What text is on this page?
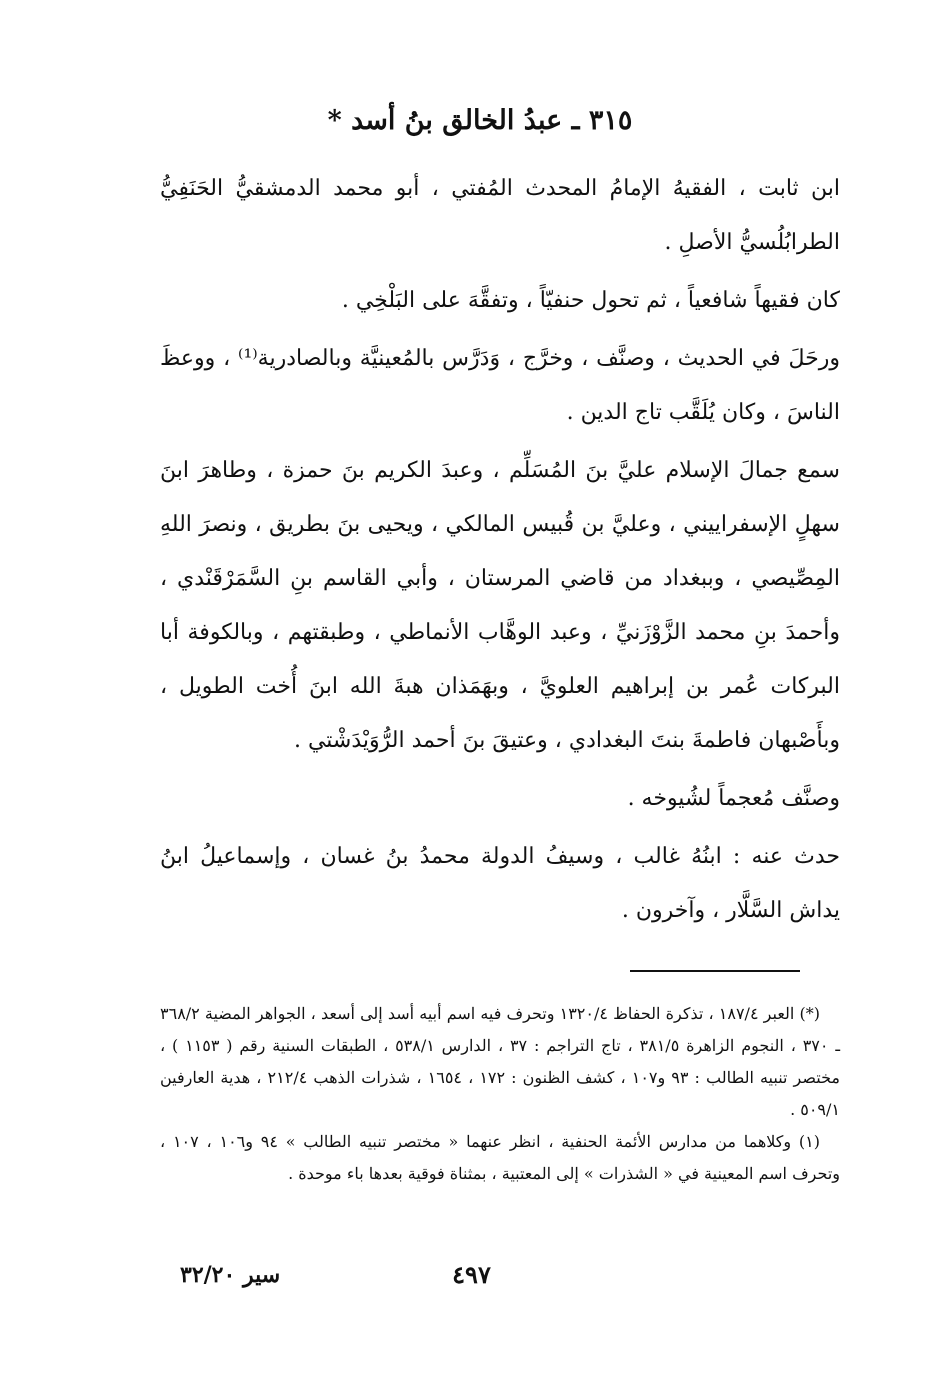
٣١٥ ـ عبدُ الخالق بنُ أسد *

ابن ثابت ، الفقيهُ الإمامُ المحدث المُفتي ، أبو محمد الدمشقيُّ الحَنَفِيُّ الطرابُلُسيُّ الأصلِ .

كان فقيهاً شافعياً ، ثم تحول حنفيّاً ، وتفقَّهَ على البَلْخِي .

ورحَلَ في الحديث ، وصنَّف ، وخرَّج ، وَدَرَّس بالمُعينيَّة وبالصادرية⁽¹⁾ ، ووعظَ الناسَ ، وكان يُلَقَّب تاج الدين .

سمع جمالَ الإسلام عليَّ بنَ المُسَلِّم ، وعبدَ الكريم بنَ حمزة ، وطاهرَ ابنَ سهلٍ الإسفراييني ، وعليَّ بن قُبيس المالكي ، ويحيى بنَ بطريق ، ونصرَ اللهِ المِصِّيصي ، وببغداد من قاضي المرستان ، وأبي القاسم بنِ السَّمَرْقَنْدي ، وأحمدَ بنِ محمد الزَّوْزَنيِّ ، وعبد الوهَّاب الأنماطي ، وطبقتهم ، وبالكوفة أبا البركات عُمر بن إبراهيم العلويَّ ، وبهَمَذان هبةَ الله ابنَ أُخت الطويل ، وبأَصْبهان فاطمةَ بنتَ البغدادي ، وعتيقَ بنَ أحمد الرُّوَيْدَشْتي .

وصنَّف مُعجماً لشُيوخه .

حدث عنه : ابنُهُ غالب ، وسيفُ الدولة محمدُ بنُ غسان ، وإسماعيلُ ابنُ يداش السَّلَّار ، وآخرون .

(*) العبر ١٨٧/٤ ، تذكرة الحفاظ ١٣٢٠/٤ وتحرف فيه اسم أبيه أسد إلى أسعد ، الجواهر المضية ٣٦٨/٢ ـ ٣٧٠ ، النجوم الزاهرة ٣٨١/٥ ، تاج التراجم : ٣٧ ، الدارس ٥٣٨/١ ، الطبقات السنية رقم ( ١١٥٣ ) ، مختصر تنبيه الطالب : ٩٣ و١٠٧ ، كشف الظنون : ١٧٢ ، ١٦٥٤ ، شذرات الذهب ٢١٢/٤ ، هدية العارفين ٥٠٩/١ .

(١) وكلاهما من مدارس الأئمة الحنفية ، انظر عنهما « مختصر تنبيه الطالب » ٩٤ و١٠٦ ، ١٠٧ ، وتحرف اسم المعينية في « الشذرات » إلى المعتبية ، بمثناة فوقية بعدها باء موحدة .

٤٩٧
سير ٣٢/٢٠
